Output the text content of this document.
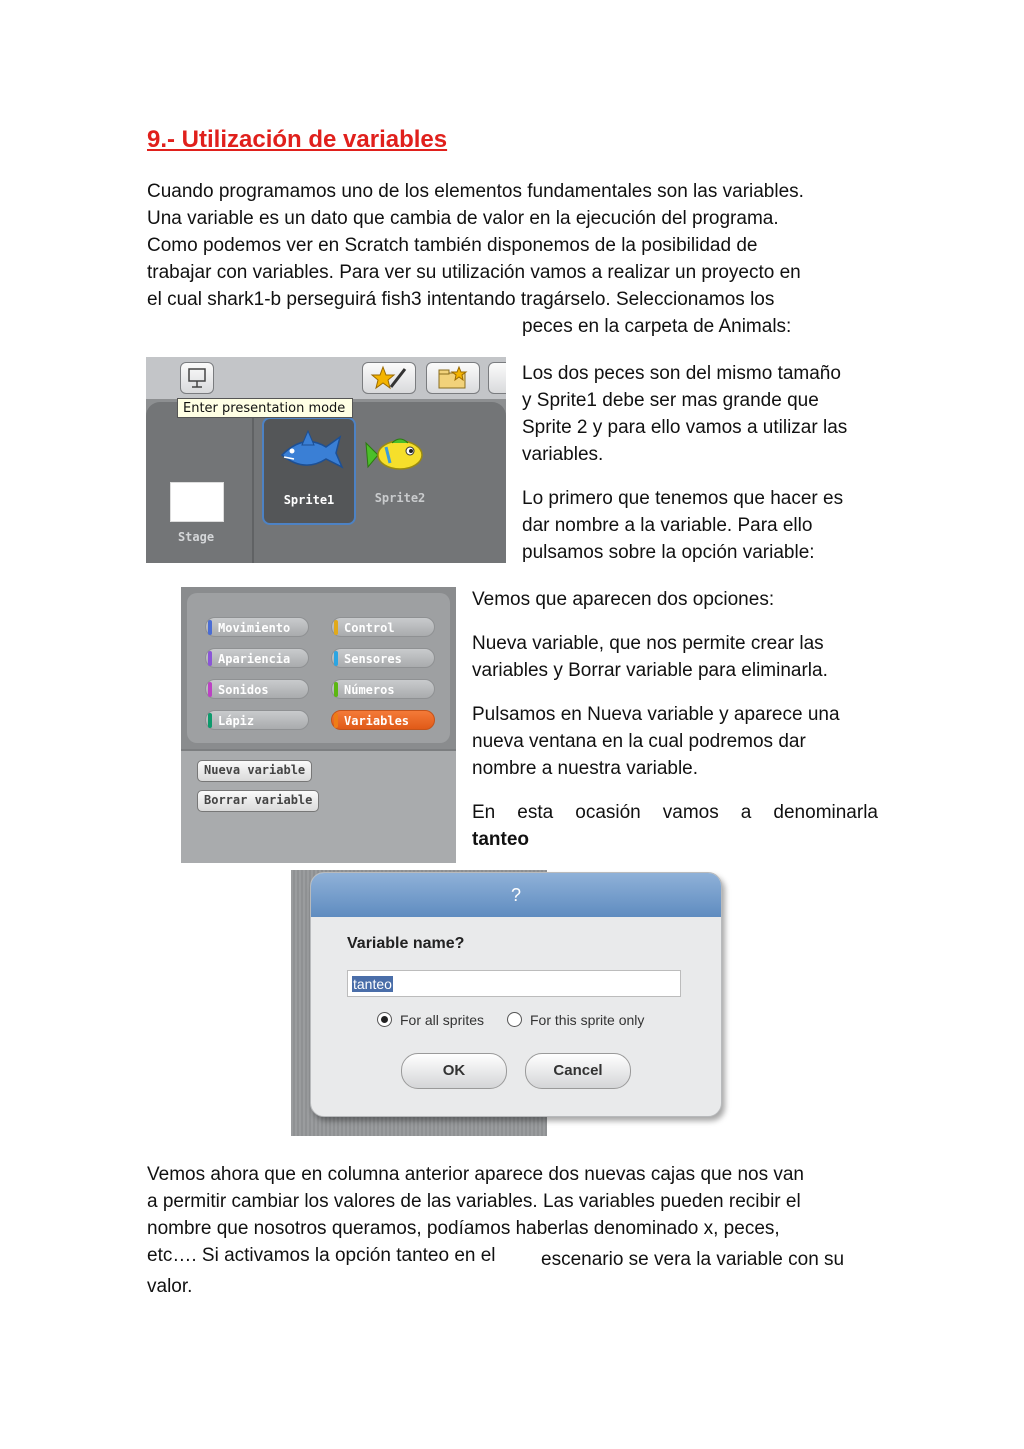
9.- Utilización de variables
Cuando programamos uno de los elementos fundamentales son las variables.
Una variable es un dato que cambia de valor en la ejecución del programa.
Como podemos ver en Scratch también disponemos de la posibilidad de
trabajar con variables. Para ver su utilización vamos a realizar un proyecto en
el cual shark1-b perseguirá fish3 intentando tragárselo. Seleccionamos los
peces en la carpeta de Animals:
Sprite1	Sprite2
Stage
Enter presentation mode
Los dos peces son del mismo tamaño
y Sprite1 debe ser mas grande que
Sprite 2 y para ello vamos a utilizar las
variables.
Lo primero que tenemos que hacer es
dar nombre a la variable. Para ello
pulsamos sobre la opción variable:
Movimiento	Control
Apariencia	Sensores
Sonidos	Números
Lápiz	Variables
Nueva variable
Borrar variable
Vemos que aparecen dos opciones:
Nueva variable, que nos permite crear las
variables y Borrar variable para eliminarla.
Pulsamos en Nueva variable y aparece una
nueva ventana en la cual podremos dar
nombre a nuestra variable.
En esta ocasión vamos a denominarla
tanteo
?
Variable name?
tanteo
For all sprites	For this sprite only
OK	Cancel
Vemos ahora que en columna anterior aparece dos nuevas cajas que nos van
a permitir cambiar los valores de las variables. Las variables pueden recibir el
nombre que nosotros queramos, podíamos haberlas denominado x, peces,
etc…. Si activamos la opción tanteo en el escenario se vera la variable con su
valor.
